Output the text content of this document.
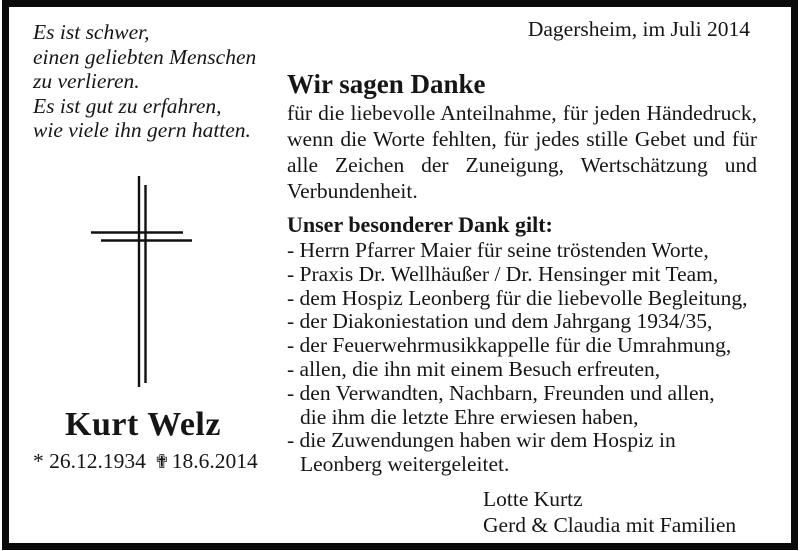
Dagersheim, im Juli 2014
Es ist schwer,
einen geliebten Menschen
zu verlieren.
Es ist gut zu erfahren,
wie viele ihn gern hatten.
Kurt Welz
* 26.12.1934 ✟18.6.2014
Wir sagen Danke
für die liebevolle Anteilnahme, für jeden Händedruck,
wenn die Worte fehlten, für jedes stille Gebet und für
alle Zeichen der Zuneigung, Wertschätzung und
Verbundenheit.
Unser besonderer Dank gilt:
- Herrn Pfarrer Maier für seine tröstenden Worte,
- Praxis Dr. Wellhäußer / Dr. Hensinger mit Team,
- dem Hospiz Leonberg für die liebevolle Begleitung,
- der Diakoniestation und dem Jahrgang 1934/35,
- der Feuerwehrmusikkappelle für die Umrahmung,
- allen, die ihn mit einem Besuch erfreuten,
- den Verwandten, Nachbarn, Freunden und allen,
die ihm die letzte Ehre erwiesen haben,
- die Zuwendungen haben wir dem Hospiz in
Leonberg weitergeleitet.
Lotte Kurtz
Gerd & Claudia mit Familien
